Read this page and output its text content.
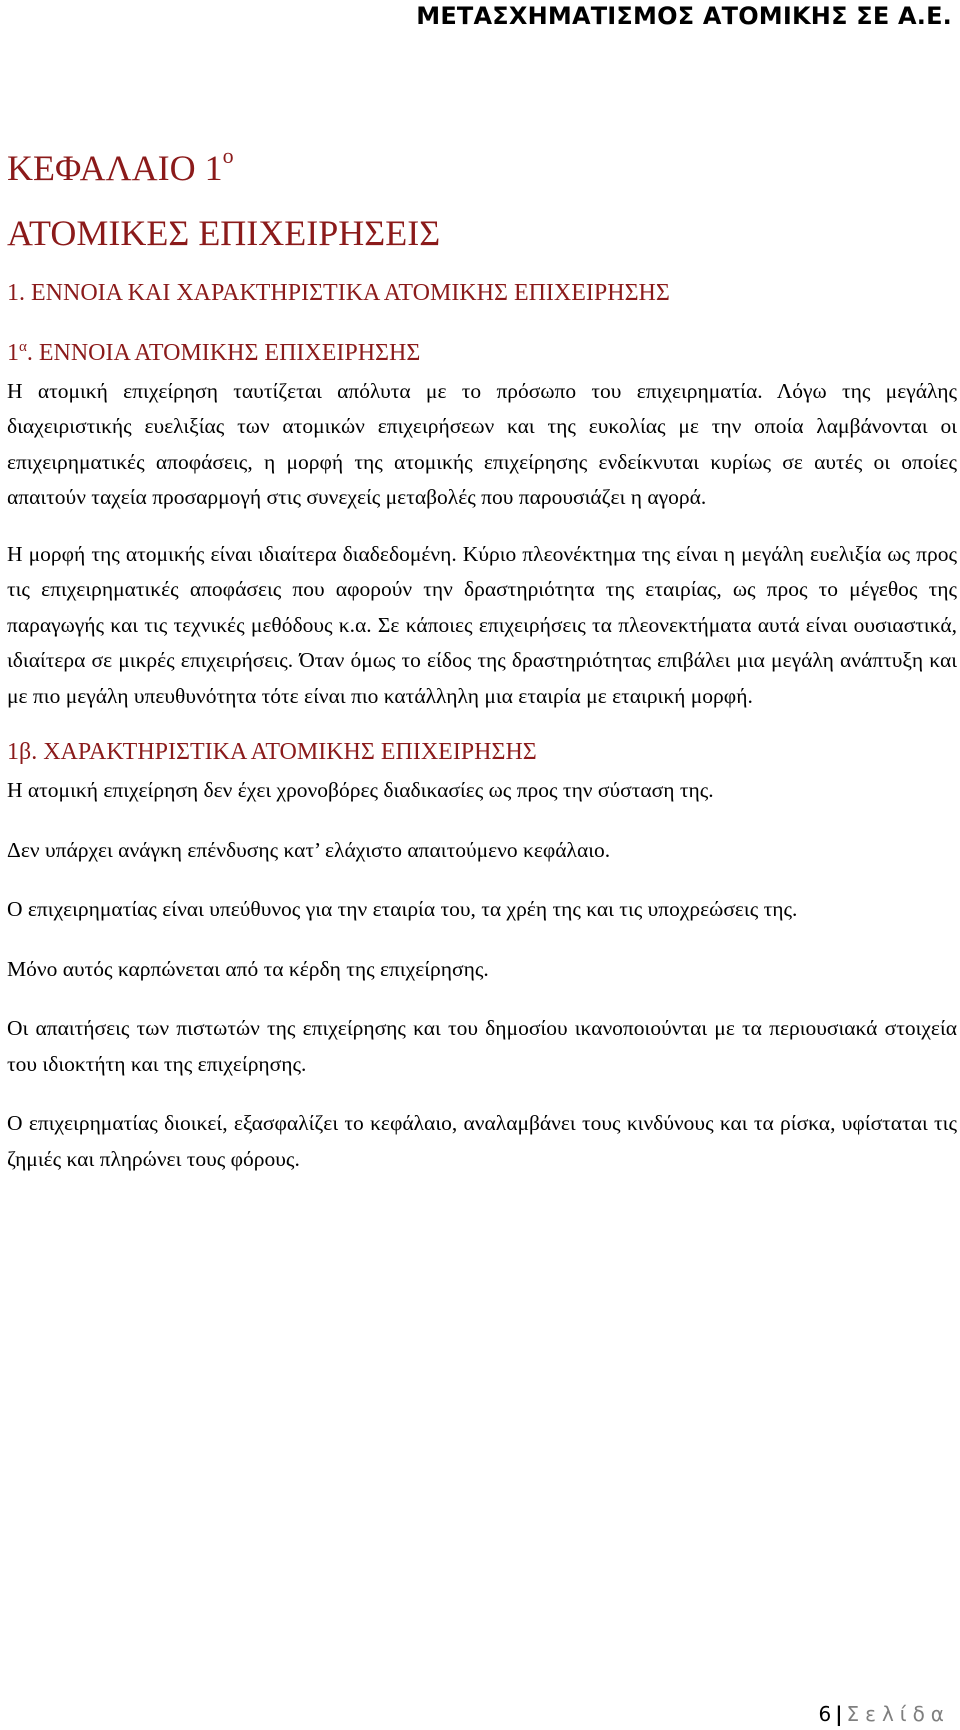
ΜΕΤΑΣΧΗΜΑΤΙΣΜΟΣ ΑΤΟΜΙΚΗΣ ΣΕ Α.Ε.
ΚΕΦΑΛΑΙΟ $1^o$
ΑΤΟΜΙΚΕΣ ΕΠΙΧΕΙΡΗΣΕΙΣ
1. ΕΝΝΟΙΑ ΚΑΙ ΧΑΡΑΚΤΗΡΙΣΤΙΚΑ ΑΤΟΜΙΚΗΣ ΕΠΙΧΕΙΡΗΣΗΣ
$1^\alpha$. ΕΝΝΟΙΑ ΑΤΟΜΙΚΗΣ ΕΠΙΧΕΙΡΗΣΗΣ

Η ατομική επιχείρηση ταυτίζεται απόλυτα με το πρόσωπο του επιχειρηματία. Λόγω της μεγάλης διαχειριστικής ευελιξίας των ατομικών επιχειρήσεων και της ευκολίας με την οποία λαμβάνονται οι επιχειρηματικές αποφάσεις, η μορφή της ατομικής επιχείρησης ενδείκνυται κυρίως σε αυτές οι οποίες απαιτούν ταχεία προσαρμογή στις συνεχείς μεταβολές που παρουσιάζει η αγορά.

Η μορφή της ατομικής είναι ιδιαίτερα διαδεδομένη. Κύριο πλεονέκτημα της είναι η μεγάλη ευελιξία ως προς τις επιχειρηματικές αποφάσεις που αφορούν την δραστηριότητα της εταιρίας, ως προς το μέγεθος της παραγωγής και τις τεχνικές μεθόδους κ.α. Σε κάποιες επιχειρήσεις τα πλεονεκτήματα αυτά είναι ουσιαστικά, ιδιαίτερα σε μικρές επιχειρήσεις. Όταν όμως το είδος της δραστηριότητας επιβάλει μια μεγάλη ανάπτυξη και με πιο μεγάλη υπευθυνότητα τότε είναι πιο κατάλληλη μια εταιρία με εταιρική μορφή.

1β. ΧΑΡΑΚΤΗΡΙΣΤΙΚΑ ΑΤΟΜΙΚΗΣ ΕΠΙΧΕΙΡΗΣΗΣ

Η ατομική επιχείρηση δεν έχει χρονοβόρες διαδικασίες ως προς την σύσταση της.

Δεν υπάρχει ανάγκη επένδυσης κατ’ ελάχιστο απαιτούμενο κεφάλαιο.

Ο επιχειρηματίας είναι υπεύθυνος για την εταιρία του, τα χρέη της και τις υποχρεώσεις της.

Μόνο αυτός καρπώνεται από τα κέρδη της επιχείρησης.

Οι απαιτήσεις των πιστωτών της επιχείρησης και του δημοσίου ικανοποιούνται με τα περιουσιακά στοιχεία του ιδιοκτήτη και της επιχείρησης.

Ο επιχειρηματίας διοικεί, εξασφαλίζει το κεφάλαιο, αναλαμβάνει τους κινδύνους και τα ρίσκα, υφίσταται τις ζημιές και πληρώνει τους φόρους.

6 | Σελίδα
